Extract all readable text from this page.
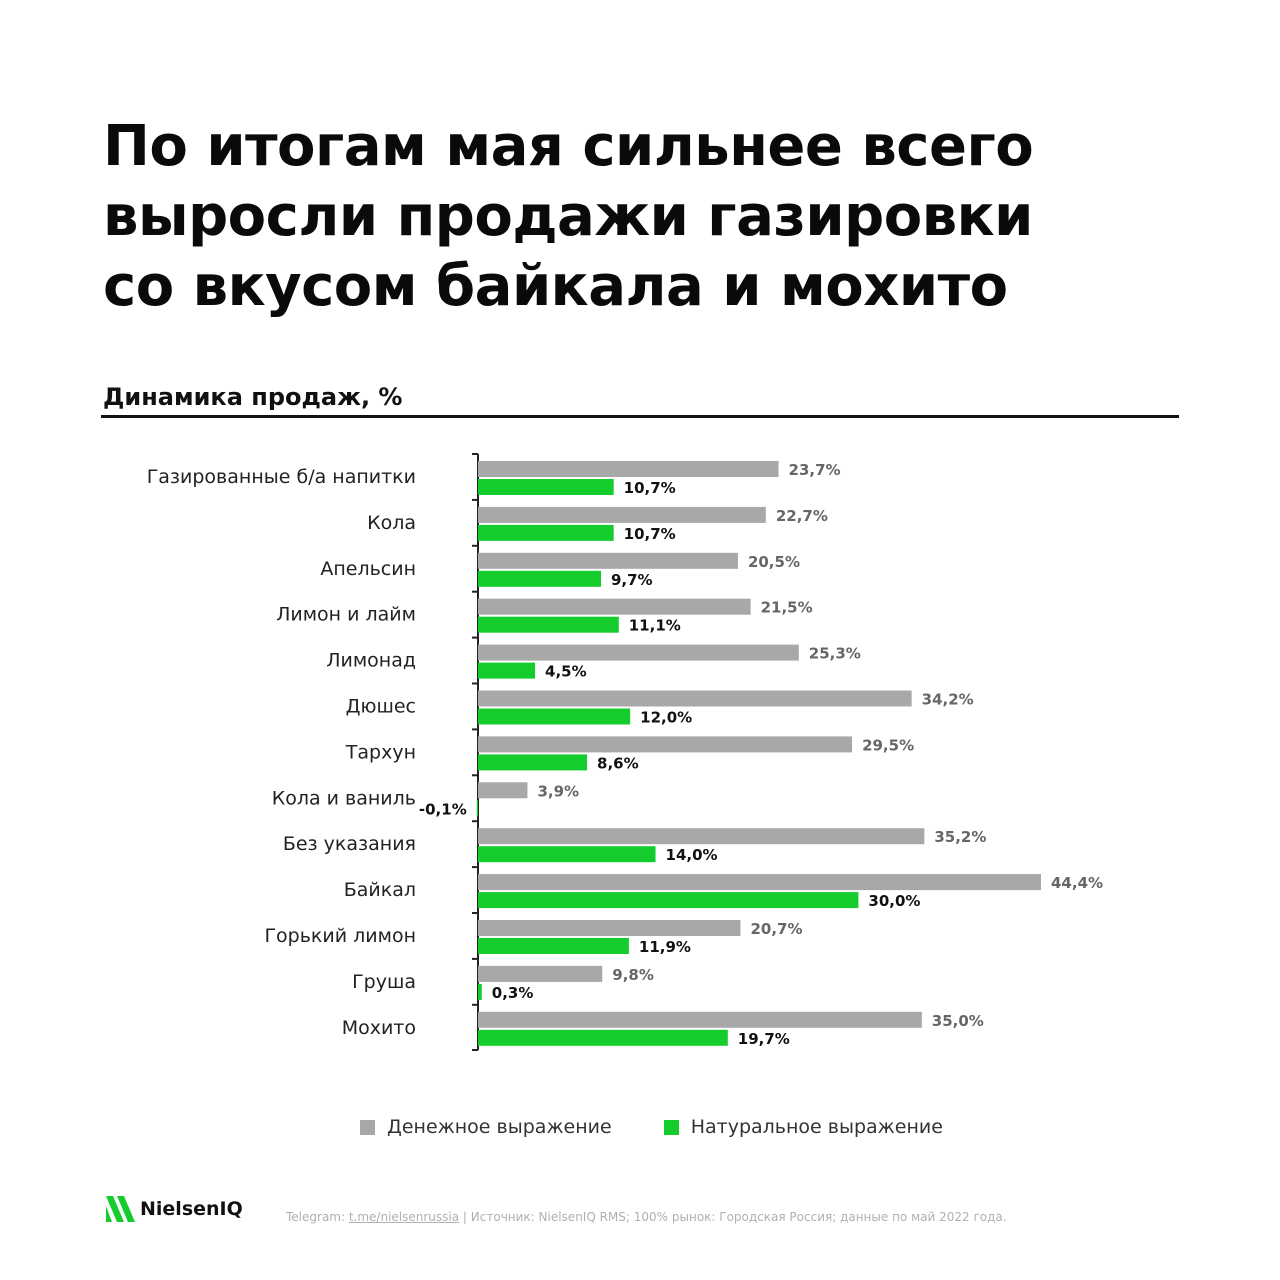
По итогам мая сильнее всего
выросли продажи газировки
со вкусом байкала и мохито
Динамика продаж, %
Газированные б/а напитки	23,7%
10,7%
Кола	22,7%
10,7%
Апельсин	20,5%
9,7%
Лимон и лайм	21,5%
11,1%
Лимонад	25,3%
4,5%
Дюшес	34,2%
12,0%
Тархун	29,5%
8,6%
Кола и ваниль	3,9%
-0,1%
Без указания	35,2%
14,0%
Байкал	44,4%
30,0%
Горький лимон	20,7%
11,9%
Груша	9,8%
0,3%
Мохито	35,0%
19,7%
Денежное выражение	Натуральное выражение
NielsenIQ	Telegram: t.me/nielsenrussia | Источник: NielsenIQ RMS; 100% рынок: Городская Россия; данные по май 2022 года.
